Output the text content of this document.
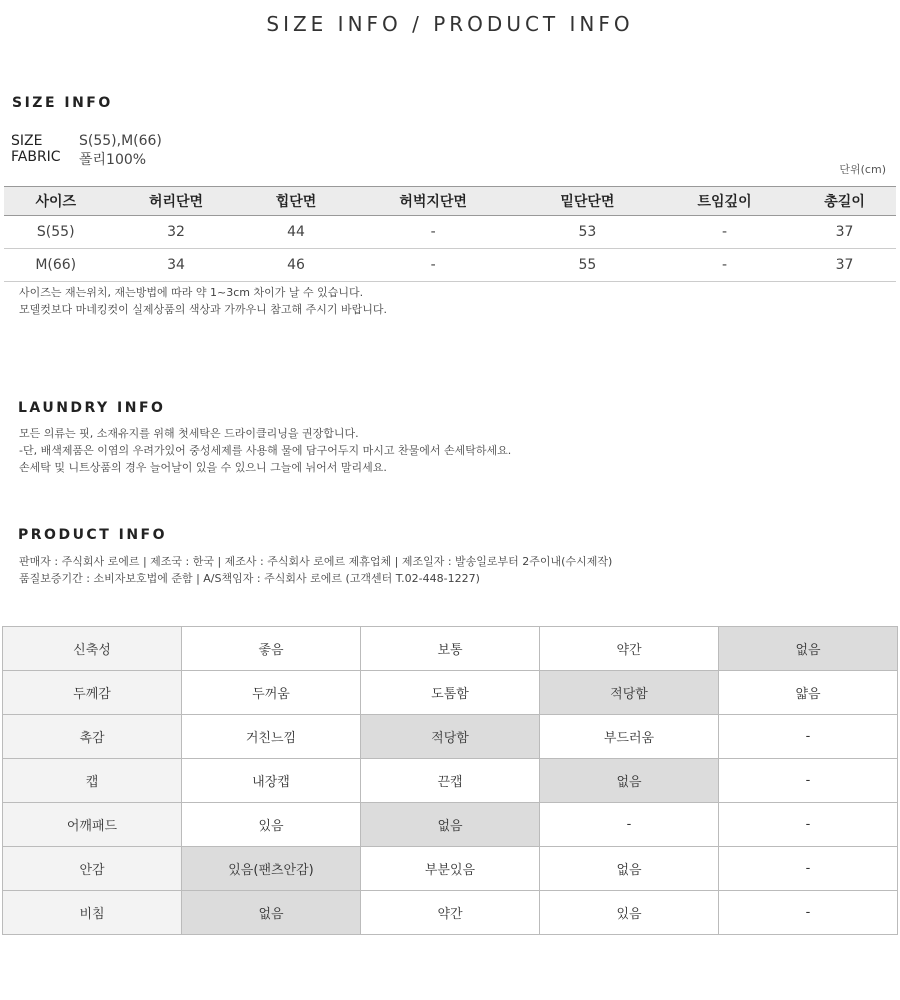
SIZE INFO / PRODUCT INFO
SIZE INFO
SIZE	S(55),M(66)
FABRIC	폴리100%
단위(cm)
사이즈	허리단면	힙단면	허벅지단면	밑단단면	트임깊이	총길이
S(55)	32	44	-	53	-	37
M(66)	34	46	-	55	-	37
사이즈는 재는위치, 재는방법에 따라 약 1~3cm 차이가 날 수 있습니다.
모델컷보다 마네킹컷이 실제상품의 색상과 가까우니 참고해 주시기 바랍니다.
LAUNDRY INFO
모든 의류는 핏, 소재유지를 위해 첫세탁은 드라이클리닝을 권장합니다.
-단, 배색제품은 이염의 우려가있어 중성세제를 사용해 물에 담구어두지 마시고 찬물에서 손세탁하세요.
손세탁 및 니트상품의 경우 늘어날이 있을 수 있으니 그늘에 뉘어서 말리세요.
PRODUCT INFO
판매자 : 주식회사 로에르 | 제조국 : 한국 | 제조사 : 주식회사 로에르 제휴업체 | 제조일자 : 발송일로부터 2주이내(수시제작)
품질보증기간 : 소비자보호법에 준함 | A/S책임자 : 주식회사 로에르 (고객센터 T.02-448-1227)
신축성	좋음	보통	약간	없음
두께감	두꺼움	도톰함	적당함	얇음
촉감	거친느낌	적당함	부드러움	-
캡	내장캡	끈캡	없음	-
어깨패드	있음	없음	-	-
안감	있음(팬츠안감)	부분있음	없음	-
비침	없음	약간	있음	-
